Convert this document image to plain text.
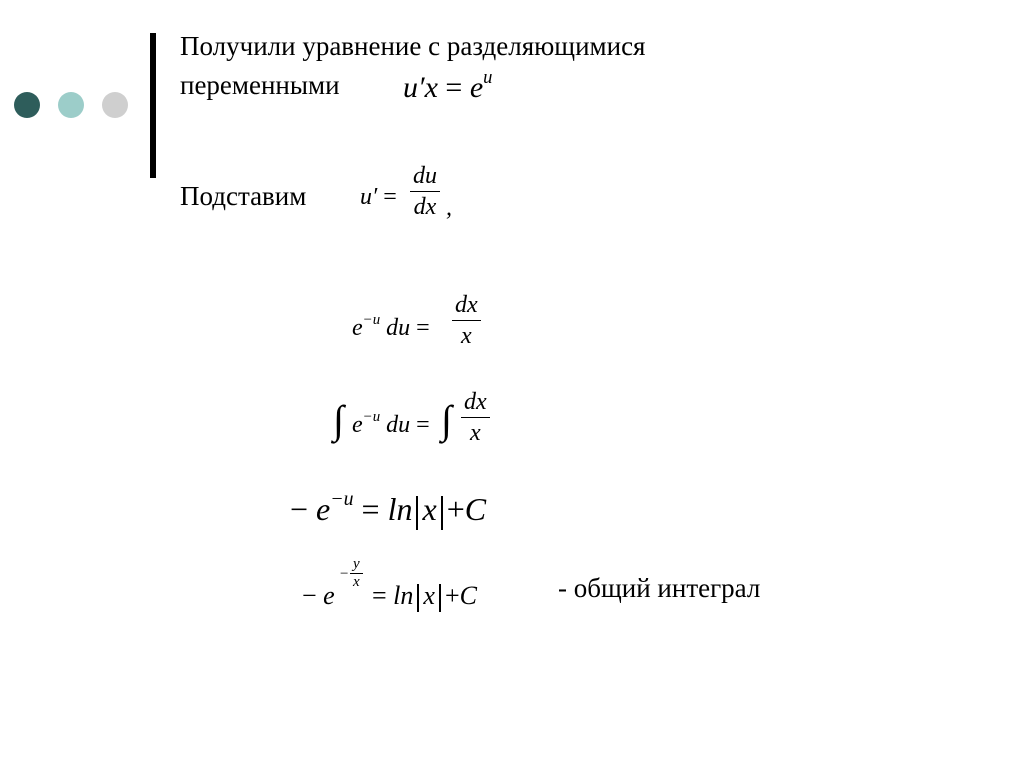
Получили уравнение с разделяющимися
переменными $u'x = e^u$
Подставим $u' = \frac{du}{dx}$ ,
$e^{-u}$ du = $\frac{dx}{x}$
∫ $e^{-u}$ du = ∫ $\frac{dx}{x}$
− $e^{-u} = \ln x +C$
− e
− $\frac{y}{x}$
= ln x +C	- общий интеграл
